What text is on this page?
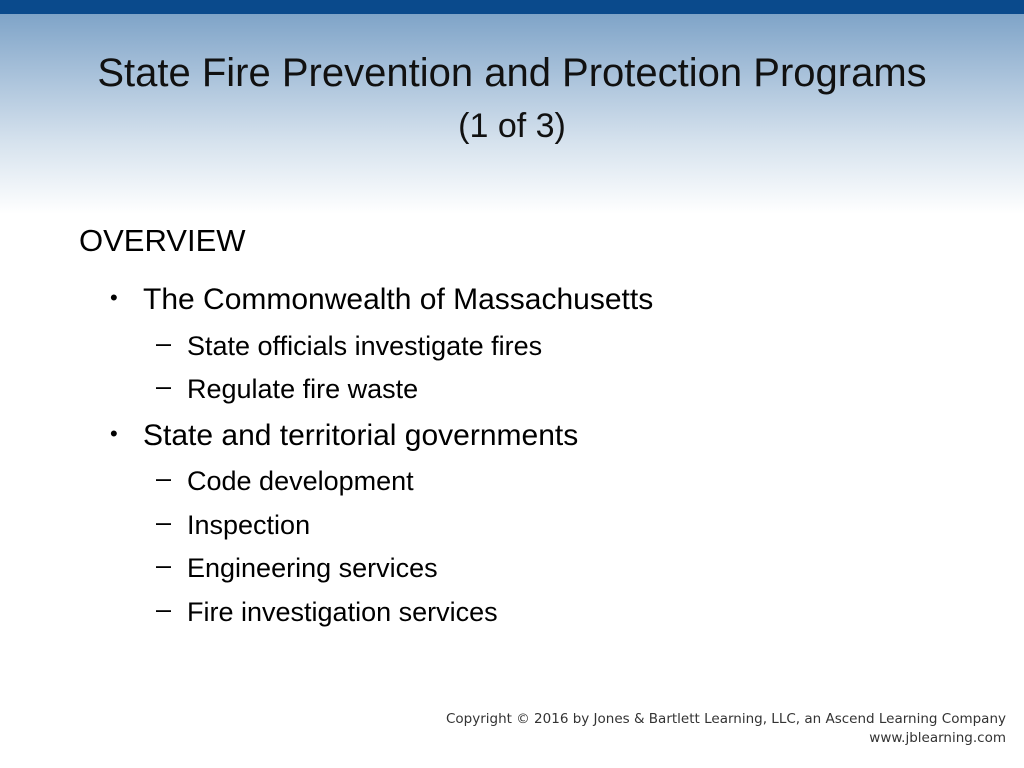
State Fire Prevention and Protection Programs
(1 of 3)
OVERVIEW
• The Commonwealth of Massachusetts
– State officials investigate fires
– Regulate fire waste
• State and territorial governments
– Code development
– Inspection
– Engineering services
– Fire investigation services
Copyright © 2016 by Jones & Bartlett Learning, LLC, an Ascend Learning Company
www.jblearning.com
